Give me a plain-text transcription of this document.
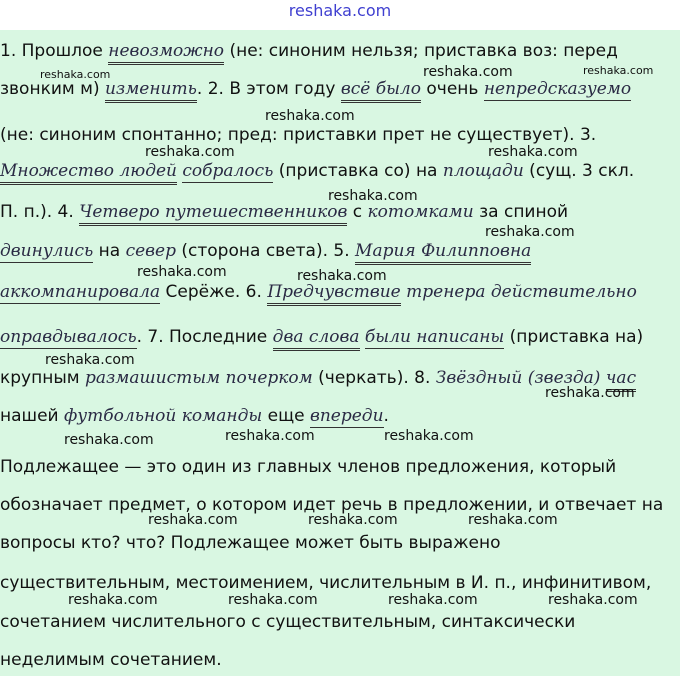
reshaka.com
1. Прошлое невозможно (не: синоним нельзя; приставка воз: перед
звонким м) изменить. 2. В этом году всё было очень непредсказуемо
(не: синоним спонтанно; пред: приставки прет не существует). 3.
Множество людей собралось (приставка со) на площади (сущ. 3 скл.
П. п.). 4. Четверо путешественников с котомками за спиной
двинулись на север (сторона света). 5. Мария Филипповна
аккомпанировала Серёже. 6. Предчувствие тренера действительно
оправдывалось. 7. Последние два слова были написаны (приставка на)
крупным размашистым почерком (черкать). 8. Звёздный (звезда) час
нашей футбольной команды еще впереди.
Подлежащее — это один из главных членов предложения, который
обозначает предмет, о котором идет речь в предложении, и отвечает на
вопросы кто? что? Подлежащее может быть выражено
существительным, местоимением, числительным в И. п., инфинитивом,
сочетанием числительного с существительным, синтаксически
неделимым сочетанием.
reshaka.com	reshaka.com	reshaka.com
reshaka.com
reshaka.com	reshaka.com
reshaka.com
reshaka.com
reshaka.com	reshaka.com
reshaka.com
reshaka.com
reshaka.com	reshaka.com	reshaka.com
reshaka.com	reshaka.com	reshaka.com
reshaka.com	reshaka.com	reshaka.com	reshaka.com
